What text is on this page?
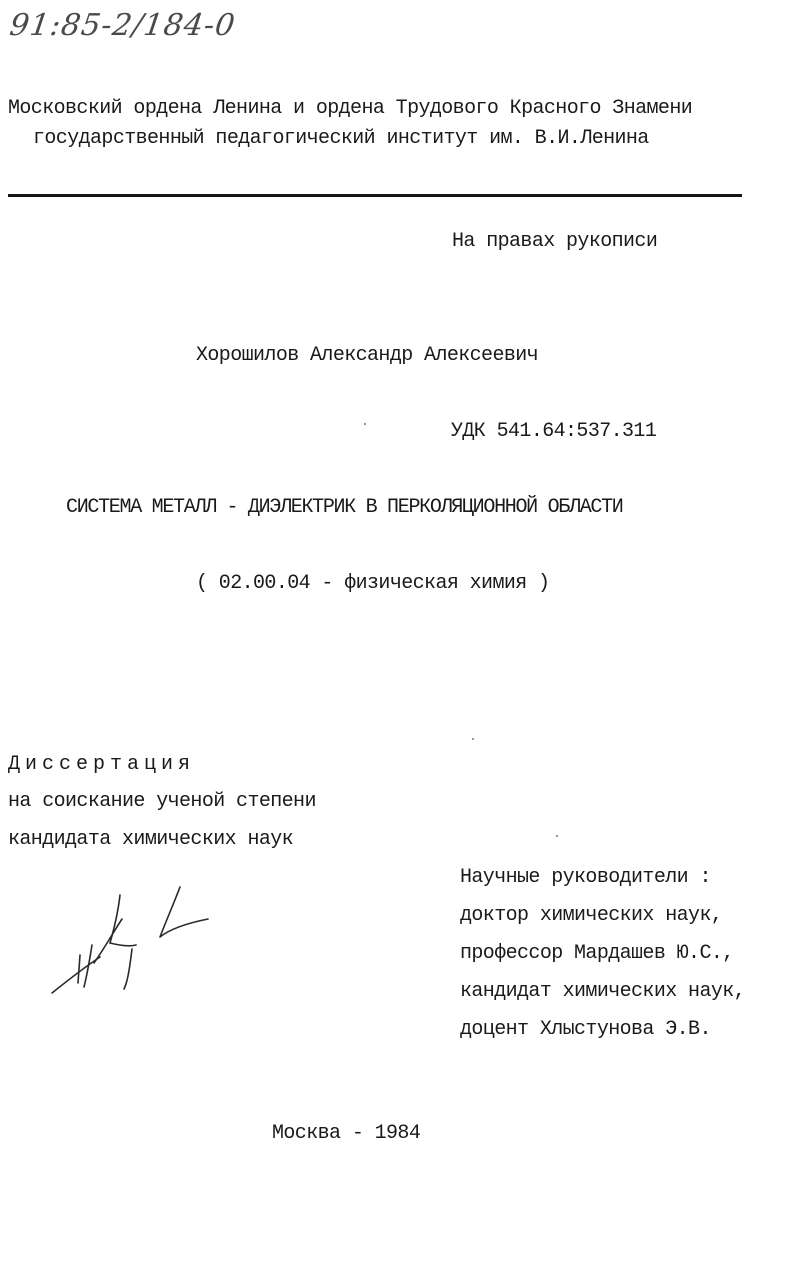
91:85-2/184-0
Московский ордена Ленина и ордена Трудового Красного Знамени
государственный педагогический институт им. В.И.Ленина
На правах рукописи
Хорошилов Александр Алексеевич
УДК 541.64:537.311
СИСТЕМА МЕТАЛЛ - ДИЭЛЕКТРИК В ПЕРКОЛЯЦИОННОЙ ОБЛАСТИ
( 02.00.04 - физическая химия )
Диссертация
на соискание ученой степени
кандидата химических наук
Научные руководители :
доктор химических наук,
профессор Мардашев Ю.С.,
кандидат химических наук,
доцент Хлыстунова Э.В.
Москва - 1984
